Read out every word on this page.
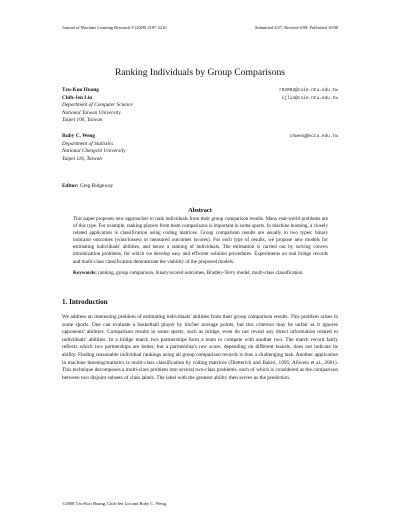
Journal of Machine Learning Research 9 (2008) 2187-2216	Submitted 2/07; Revised 6/08; Published 10/08
Ranking Individuals by Group Comparisons
Tzu-Kuo Huang	r93002@csie.ntu.edu.tw
Chih-Jen Lin	cjlin@csie.ntu.edu.tw
Department of Computer Science
National Taiwan University
Taipei 106, Taiwan
Ruby C. Weng	chweng@nccu.edu.tw
Department of Statistics
National Chengchi University
Taipei 116, Taiwan
Editor: Greg Ridgeway
Abstract
This paper proposes new approaches to rank individuals from their group comparison results. Many real-world problems are of this type. For example, ranking players from team comparisons is important in some sports. In machine learning, a closely related application is classification using coding matrices. Group comparison results are usually in two types: binary indicator outcomes (wins/losses) or measured outcomes (scores). For each type of results, we propose new models for estimating individuals' abilities, and hence a ranking of individuals. The estimation is carried out by solving convex minimization problems, for which we develop easy and efficient solution procedures. Experiments on real bridge records and multi-class classification demonstrate the viability of the proposed models.
Keywords: ranking, group comparison, binary/scored outcomes, Bradley-Terry model, multi-class classification
1. Introduction
We address an interesting problem of estimating individuals' abilities from their group comparison results. This problem arises in some sports. One can evaluate a basketball player by his/her average points, but this criterion may be unfair as it ignores opponents' abilities. Comparison results in some sports, such as bridge, even do not reveal any direct information related to individuals' abilities. In a bridge match two partnerships form a team to compete with another two. The match record fairly reflects which two partnerships are better, but a partnership's raw score, depending on different boards, does not indicate its ability. Finding reasonable individual rankings using all group comparison records is thus a challenging task. Another application in machine learning/statistics is multi-class classification by coding matrices (Dietterich and Bakiri, 1995; Allwein et al., 2001). This technique decomposes a multi-class problem into several two-class problems, each of which is considered as the comparison between two disjoint subsets of class labels. The label with the greatest ability then serves as the prediction.
©2008 Tzu-Kuo Huang, Chih-Jen Lin and Ruby C. Weng.
